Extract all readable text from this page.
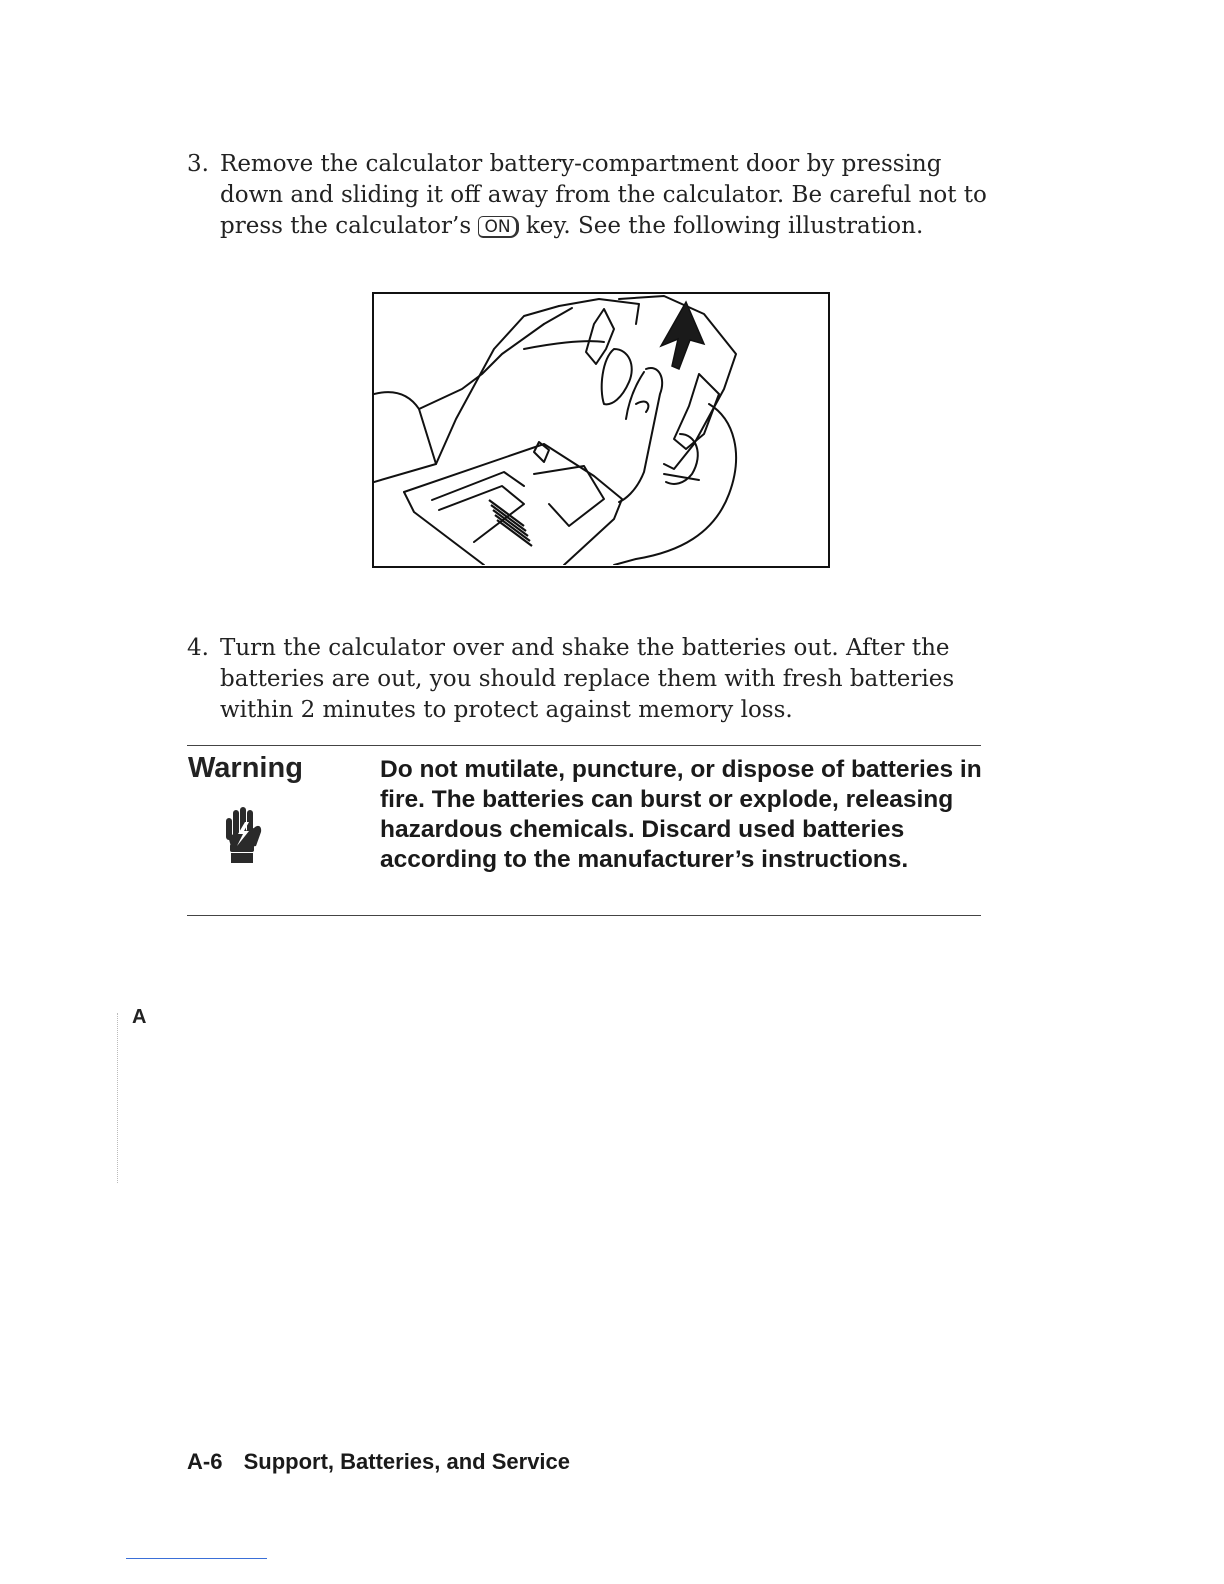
3. Remove the calculator battery-compartment door by pressing down and sliding it off away from the calculator. Be careful not to press the calculator’s ON key. See the following illustration.

4. Turn the calculator over and shake the batteries out. After the batteries are out, you should replace them with fresh batteries within 2 minutes to protect against memory loss.

Warning	Do not mutilate, puncture, or dispose of batteries in fire. The batteries can burst or explode, releasing hazardous chemicals. Discard used batteries according to the manufacturer’s instructions.
A
A-6 Support, Batteries, and Service
